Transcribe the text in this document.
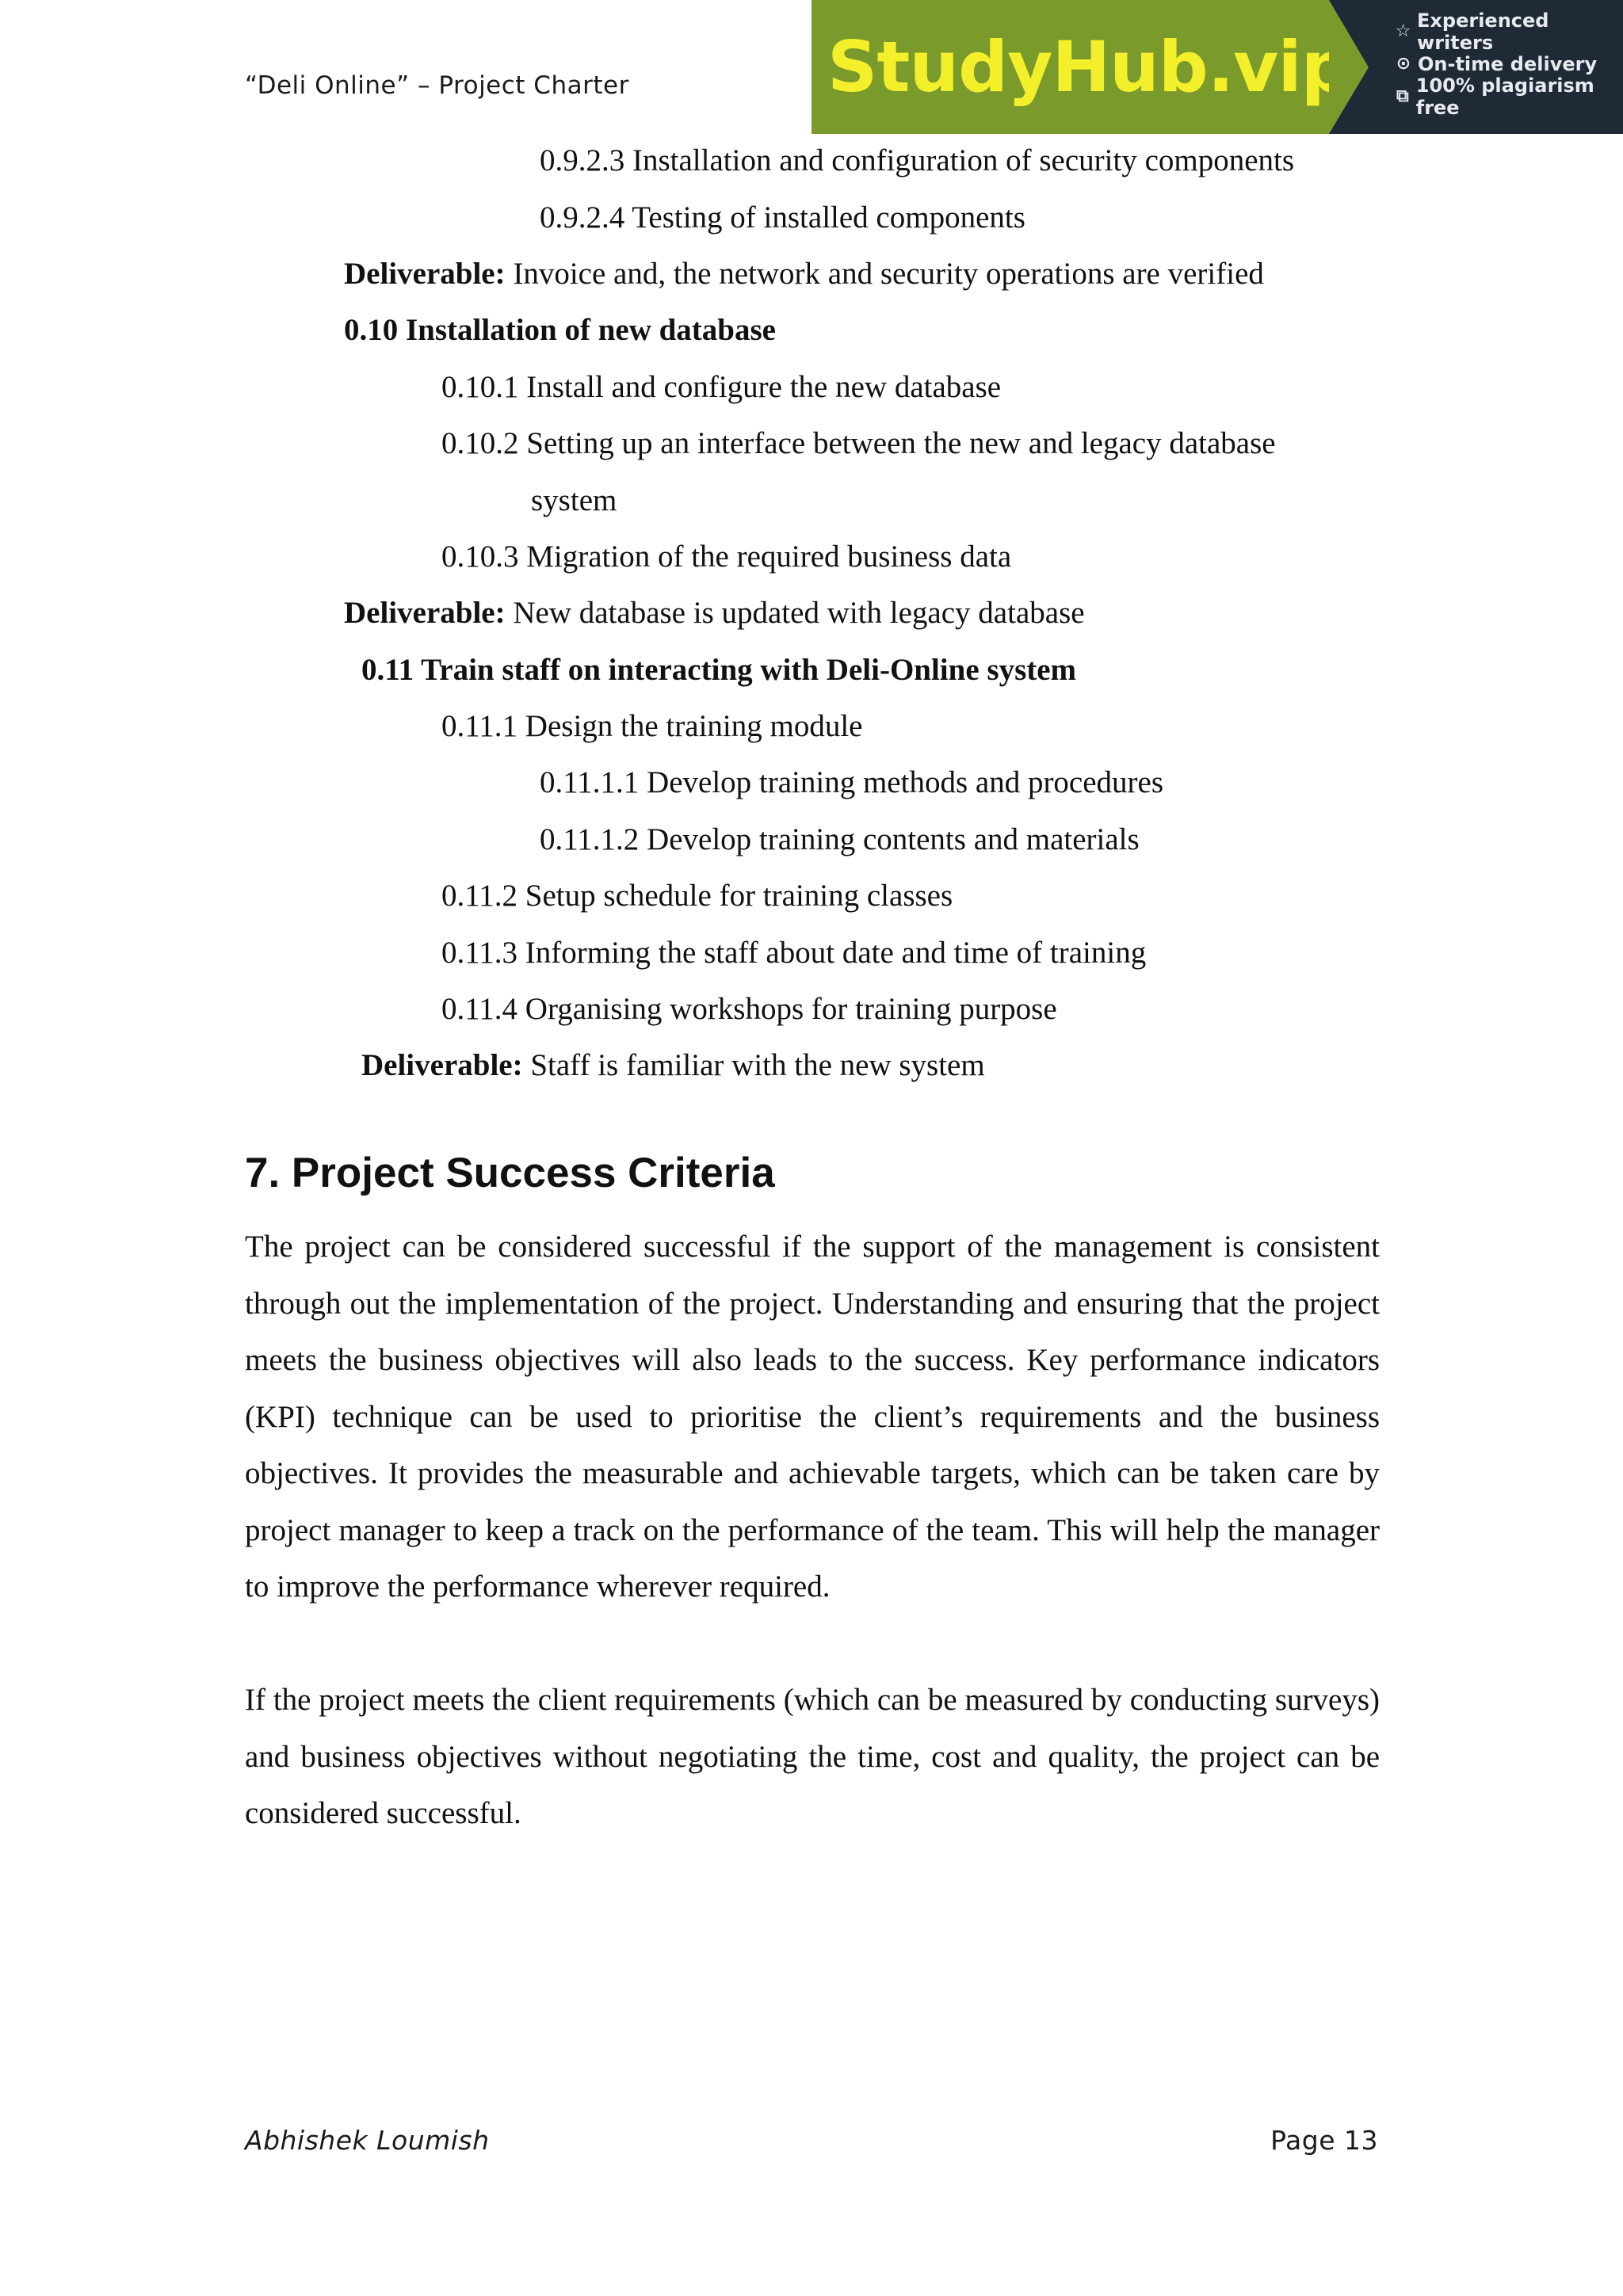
“Deli Online” – Project Charter	StudyHub.vip	☆ Experienced writers
⊙ On-time delivery
⧉ 100% plagiarism free
0.9.2.3 Installation and configuration of security components
0.9.2.4 Testing of installed components
Deliverable: Invoice and, the network and security operations are verified
0.10 Installation of new database
0.10.1 Install and configure the new database
0.10.2 Setting up an interface between the new and legacy database
system
0.10.3 Migration of the required business data
Deliverable: New database is updated with legacy database
0.11 Train staff on interacting with Deli-Online system
0.11.1 Design the training module
0.11.1.1 Develop training methods and procedures
0.11.1.2 Develop training contents and materials
0.11.2 Setup schedule for training classes
0.11.3 Informing the staff about date and time of training
0.11.4 Organising workshops for training purpose
Deliverable: Staff is familiar with the new system
7. Project Success Criteria
The project can be considered successful if the support of the management is consistent through out the implementation of the project. Understanding and ensuring that the project meets the business objectives will also leads to the success. Key performance indicators (KPI) technique can be used to prioritise the client’s requirements and the business objectives. It provides the measurable and achievable targets, which can be taken care by project manager to keep a track on the performance of the team. This will help the manager to improve the performance wherever required.
If the project meets the client requirements (which can be measured by conducting surveys) and business objectives without negotiating the time, cost and quality, the project can be considered successful.
Abhishek Loumish	Page 13
